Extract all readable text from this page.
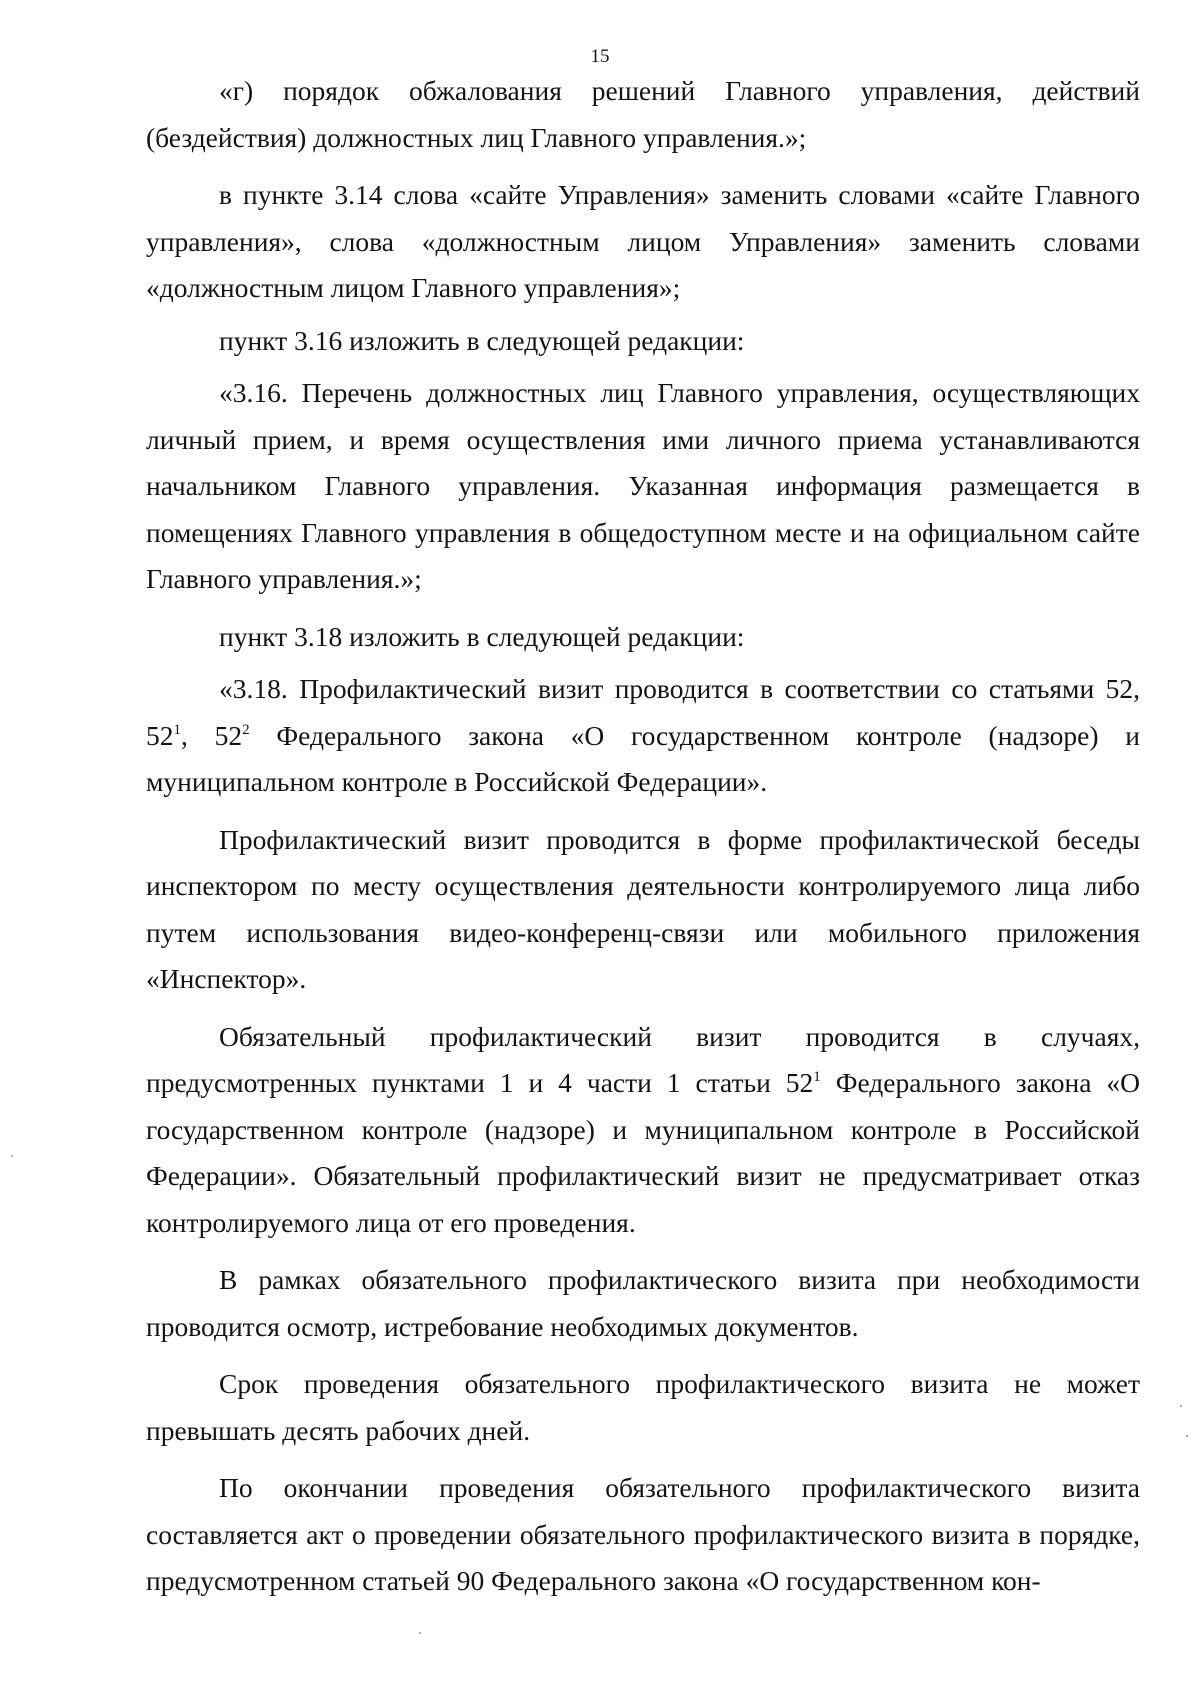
15

«г) порядок обжалования решений Главного управления, действий (бездействия) должностных лиц Главного управления.»;

в пункте 3.14 слова «сайте Управления» заменить словами «сайте Главного управления», слова «должностным лицом Управления» заменить словами «должностным лицом Главного управления»;

пункт 3.16 изложить в следующей редакции:

«3.16. Перечень должностных лиц Главного управления, осуществляющих личный прием, и время осуществления ими личного приема устанавливаются начальником Главного управления. Указанная информация размещается в помещениях Главного управления в общедоступном месте и на официальном сайте Главного управления.»;

пункт 3.18 изложить в следующей редакции:

«3.18. Профилактический визит проводится в соответствии со статьями 52, $52^1$, $52^2$ Федерального закона «О государственном контроле (надзоре) и муниципальном контроле в Российской Федерации».

Профилактический визит проводится в форме профилактической беседы инспектором по месту осуществления деятельности контролируемого лица либо путем использования видео-конференц-связи или мобильного приложения «Инспектор».

Обязательный профилактический визит проводится в случаях, предусмотренных пунктами 1 и 4 части 1 статьи $52^1$ Федерального закона «О государственном контроле (надзоре) и муниципальном контроле в Российской Федерации». Обязательный профилактический визит не предусматривает отказ контролируемого лица от его проведения.

В рамках обязательного профилактического визита при необходимости проводится осмотр, истребование необходимых документов.

Срок проведения обязательного профилактического визита не может превышать десять рабочих дней.

По окончании проведения обязательного профилактического визита составляется акт о проведении обязательного профилактического визита в порядке, предусмотренном статьей 90 Федерального закона «О государственном кон-
